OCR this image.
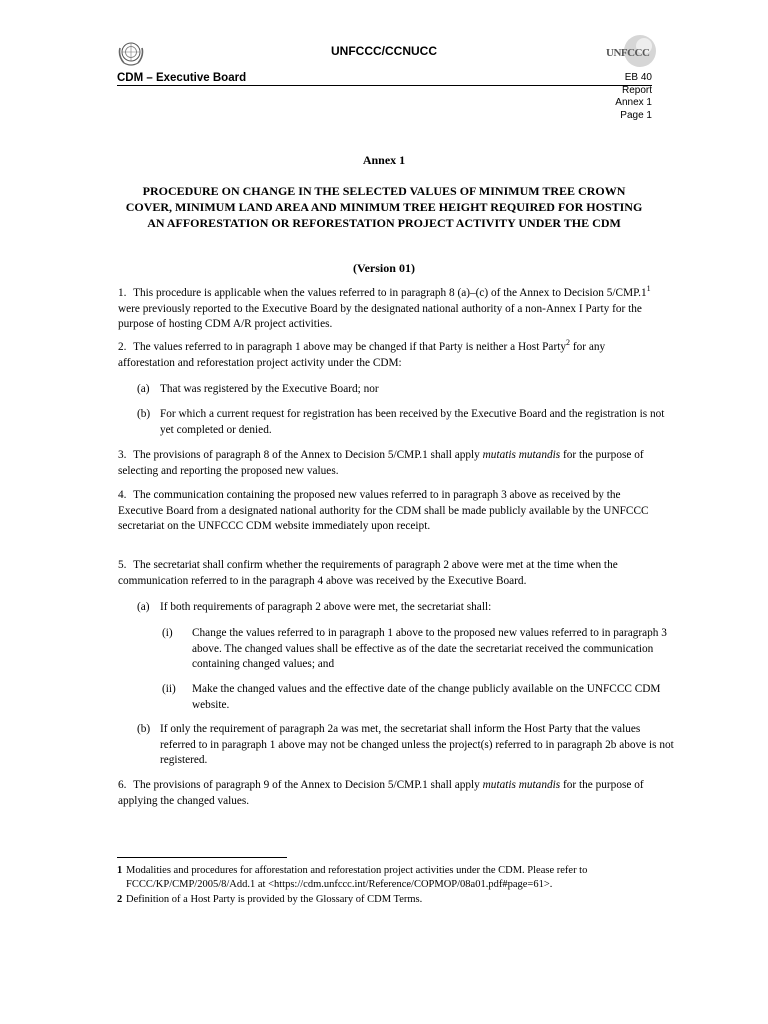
UNFCCC/CCNUCC	UNFCCC
CDM – Executive Board	EB 40
Report
Annex 1
Page 1
Annex 1
PROCEDURE ON CHANGE IN THE SELECTED VALUES OF MINIMUM TREE CROWN COVER, MINIMUM LAND AREA AND MINIMUM TREE HEIGHT REQUIRED FOR HOSTING AN AFFORESTATION OR REFORESTATION PROJECT ACTIVITY UNDER THE CDM
(Version 01)
1. This procedure is applicable when the values referred to in paragraph 8 (a)–(c) of the Annex to Decision $5/CMP.1^1$ were previously reported to the Executive Board by the designated national authority of a non-Annex I Party for the purpose of hosting CDM A/R project activities.
2. The values referred to in paragraph 1 above may be changed if that Party is neither a Host Party$^2$ for any afforestation and reforestation project activity under the CDM:
(a) That was registered by the Executive Board; nor
(b) For which a current request for registration has been received by the Executive Board and the registration is not yet completed or denied.
3. The provisions of paragraph 8 of the Annex to Decision 5/CMP.1 shall apply mutatis mutandis for the purpose of selecting and reporting the proposed new values.
4. The communication containing the proposed new values referred to in paragraph 3 above as received by the Executive Board from a designated national authority for the CDM shall be made publicly available by the UNFCCC secretariat on the UNFCCC CDM website immediately upon receipt.
5. The secretariat shall confirm whether the requirements of paragraph 2 above were met at the time when the communication referred to in the paragraph 4 above was received by the Executive Board.
(a) If both requirements of paragraph 2 above were met, the secretariat shall:
(i) Change the values referred to in paragraph 1 above to the proposed new values referred to in paragraph 3 above. The changed values shall be effective as of the date the secretariat received the communication containing changed values; and
(ii) Make the changed values and the effective date of the change publicly available on the UNFCCC CDM website.
(b) If only the requirement of paragraph 2a was met, the secretariat shall inform the Host Party that the values referred to in paragraph 1 above may not be changed unless the project(s) referred to in paragraph 2b above is not registered.
6. The provisions of paragraph 9 of the Annex to Decision 5/CMP.1 shall apply mutatis mutandis for the purpose of applying the changed values.
1 Modalities and procedures for afforestation and reforestation project activities under the CDM. Please refer to FCCC/KP/CMP/2005/8/Add.1 at <https://cdm.unfccc.int/Reference/COPMOP/08a01.pdf#page=61>.
2 Definition of a Host Party is provided by the Glossary of CDM Terms.
